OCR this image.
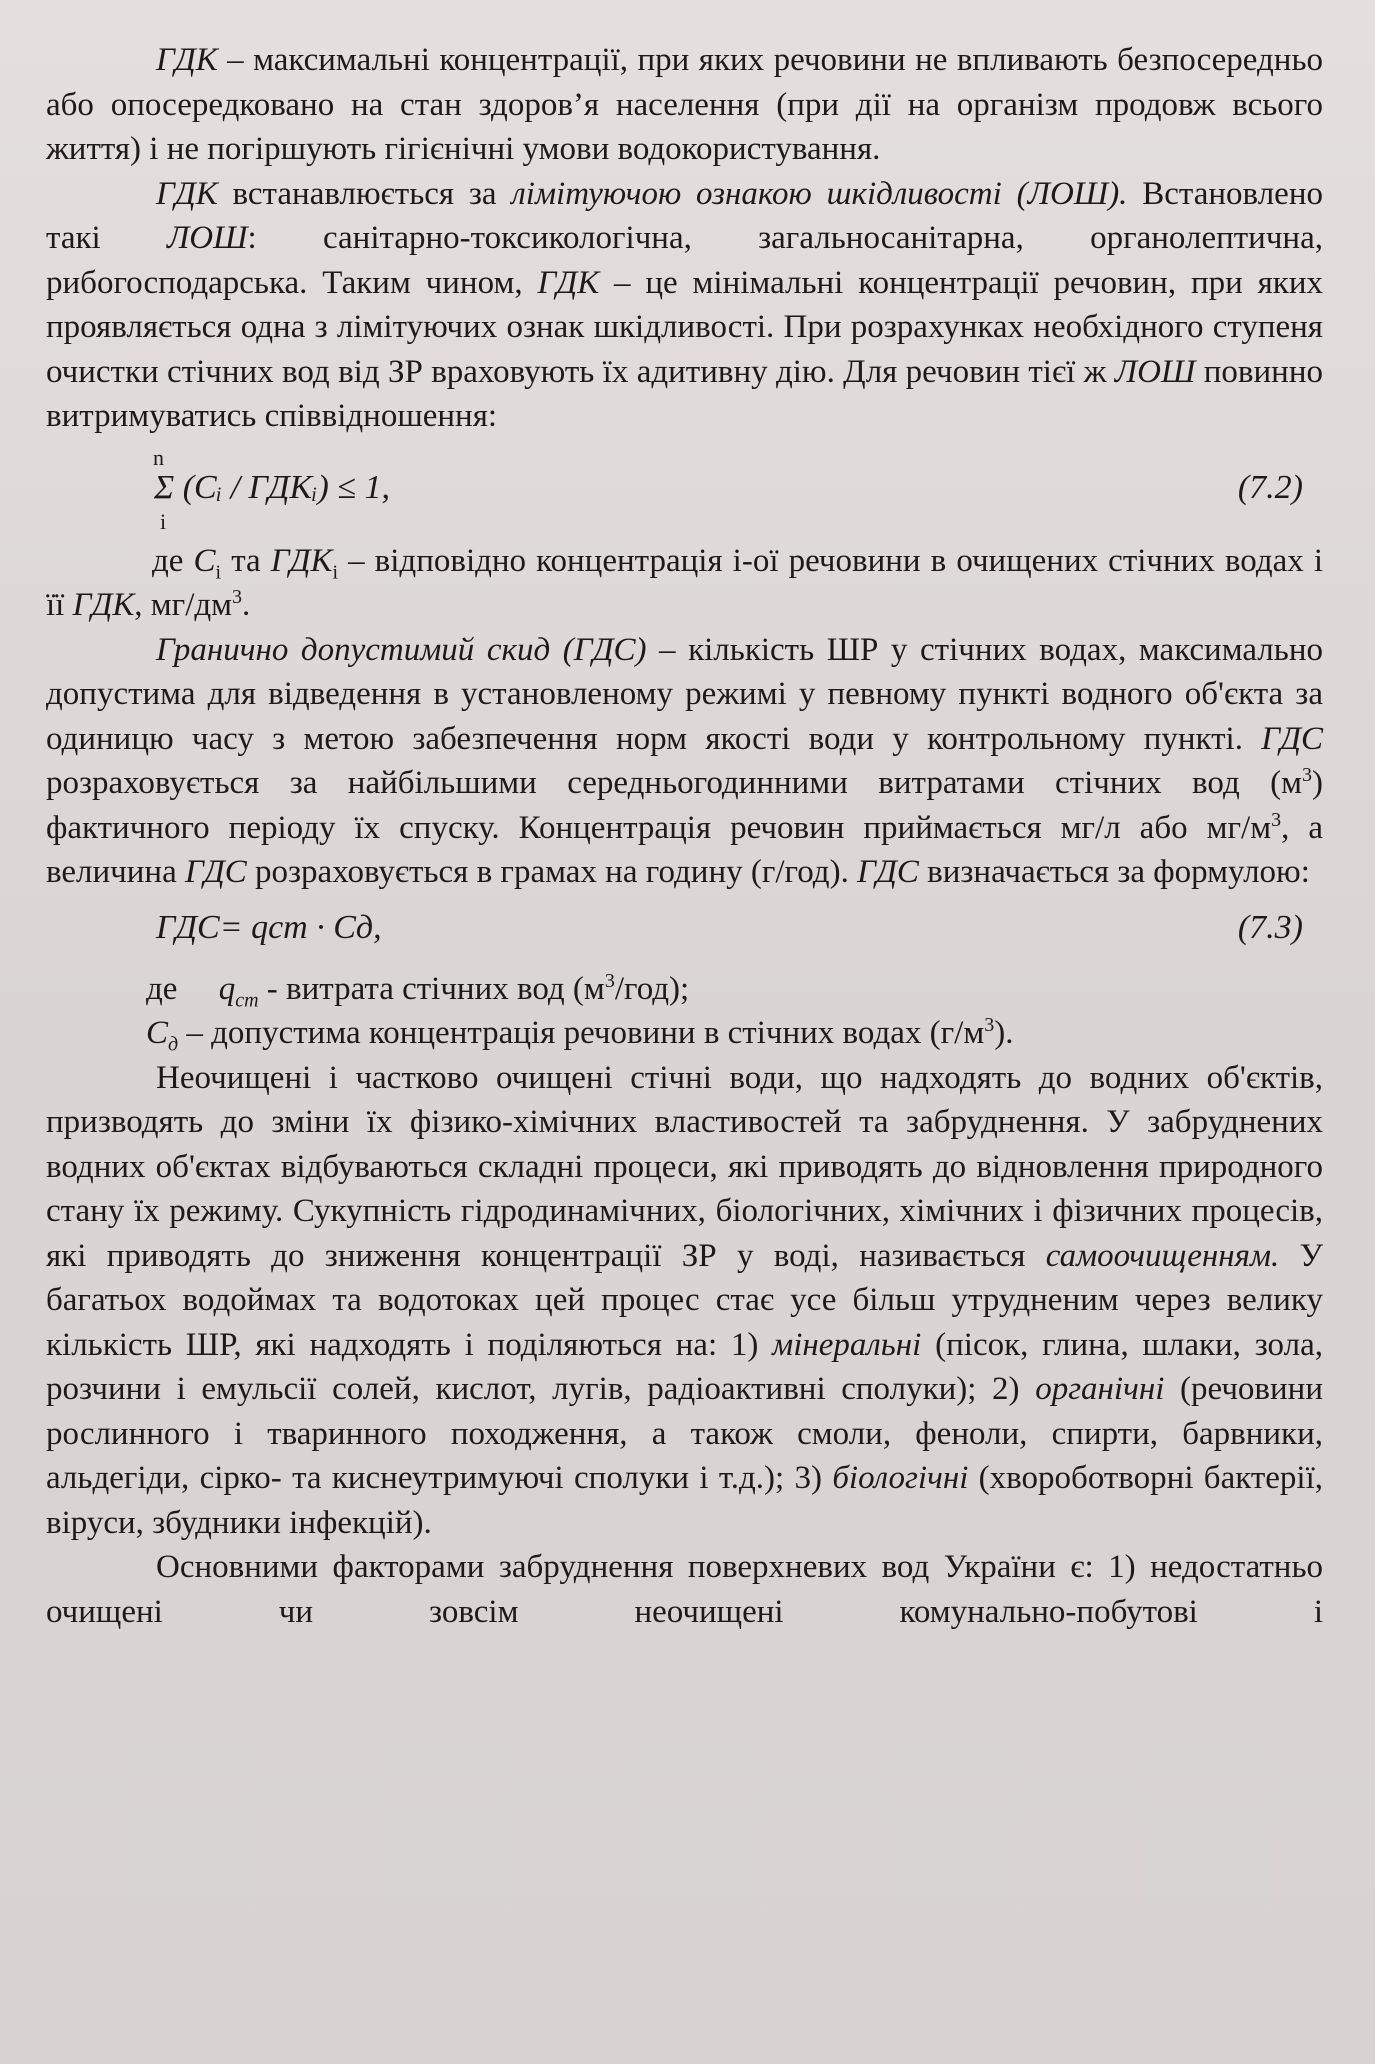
ГДК – максимальні концентрації, при яких речовини не впливають безпосередньо або опосередковано на стан здоров’я населення (при дії на організм продовж всього життя) і не погіршують гігієнічні умови водокористування.

ГДК встанавлюється за лімітуючою ознакою шкідливості (ЛОШ). Встановлено такі ЛОШ: санітарно-токсикологічна, загальносанітарна, органолептична, рибогосподарська. Таким чином, ГДК – це мінімальні концентрації речовин, при яких проявляється одна з лімітуючих ознак шкідливості. При розрахунках необхідного ступеня очистки стічних вод від ЗР враховують їх адитивну дію. Для речовин тієї ж ЛОШ повинно витримуватись співвідношення:

n
Σ (Cᵢ / ГДКᵢ) ≤ 1,
i
(7.2)

де $C_i$ та $ГДК_i$ – відповідно концентрація і-ої речовини в очищених стічних водах і її ГДК, $мг/дм^3$.

Гранично допустимий скид (ГДС) – кількість ШР у стічних водах, максимально допустима для відведення в установленому режимі у певному пункті водного об'єкта за одиницю часу з метою забезпечення норм якості води у контрольному пункті. ГДС розраховується за найбільшими середньогодинними витратами стічних вод $(м^3)$ фактичного періоду їх спуску. Концентрація речовин приймається мг/л або $мг/м^3$, а величина ГДС розраховується в грамах на годину (г/год). ГДС визначається за формулою:

ГДС= qст · Cд,	(7.3)
де     $q_{ст}$ - витрата стічних вод $(м^3/год)$;
$C_д$ – допустима концентрація речовини в стічних водах $(г/м^3)$.

Неочищені і частково очищені стічні води, що надходять до водних об'єктів, призводять до зміни їх фізико-хімічних властивостей та забруднення. У забруднених водних об'єктах відбуваються складні процеси, які приводять до відновлення природного стану їх режиму. Сукупність гідродинамічних, біологічних, хімічних і фізичних процесів, які приводять до зниження концентрації ЗР у воді, називається самоочищенням. У багатьох водоймах та водотоках цей процес стає усе більш утрудненим через велику кількість ШР, які надходять і поділяються на: 1) мінеральні (пісок, глина, шлаки, зола, розчини і емульсії солей, кислот, лугів, радіоактивні сполуки); 2) органічні (речовини рослинного і тваринного походження, а також смоли, феноли, спирти, барвники, альдегіди, сірко- та киснеутримуючі сполуки і т.д.); 3) біологічні (хвороботворні бактерії, віруси, збудники інфекцій).

Основними факторами забруднення поверхневих вод України є: 1) недостатньо очищені чи зовсім неочищені комунально-побутові і
